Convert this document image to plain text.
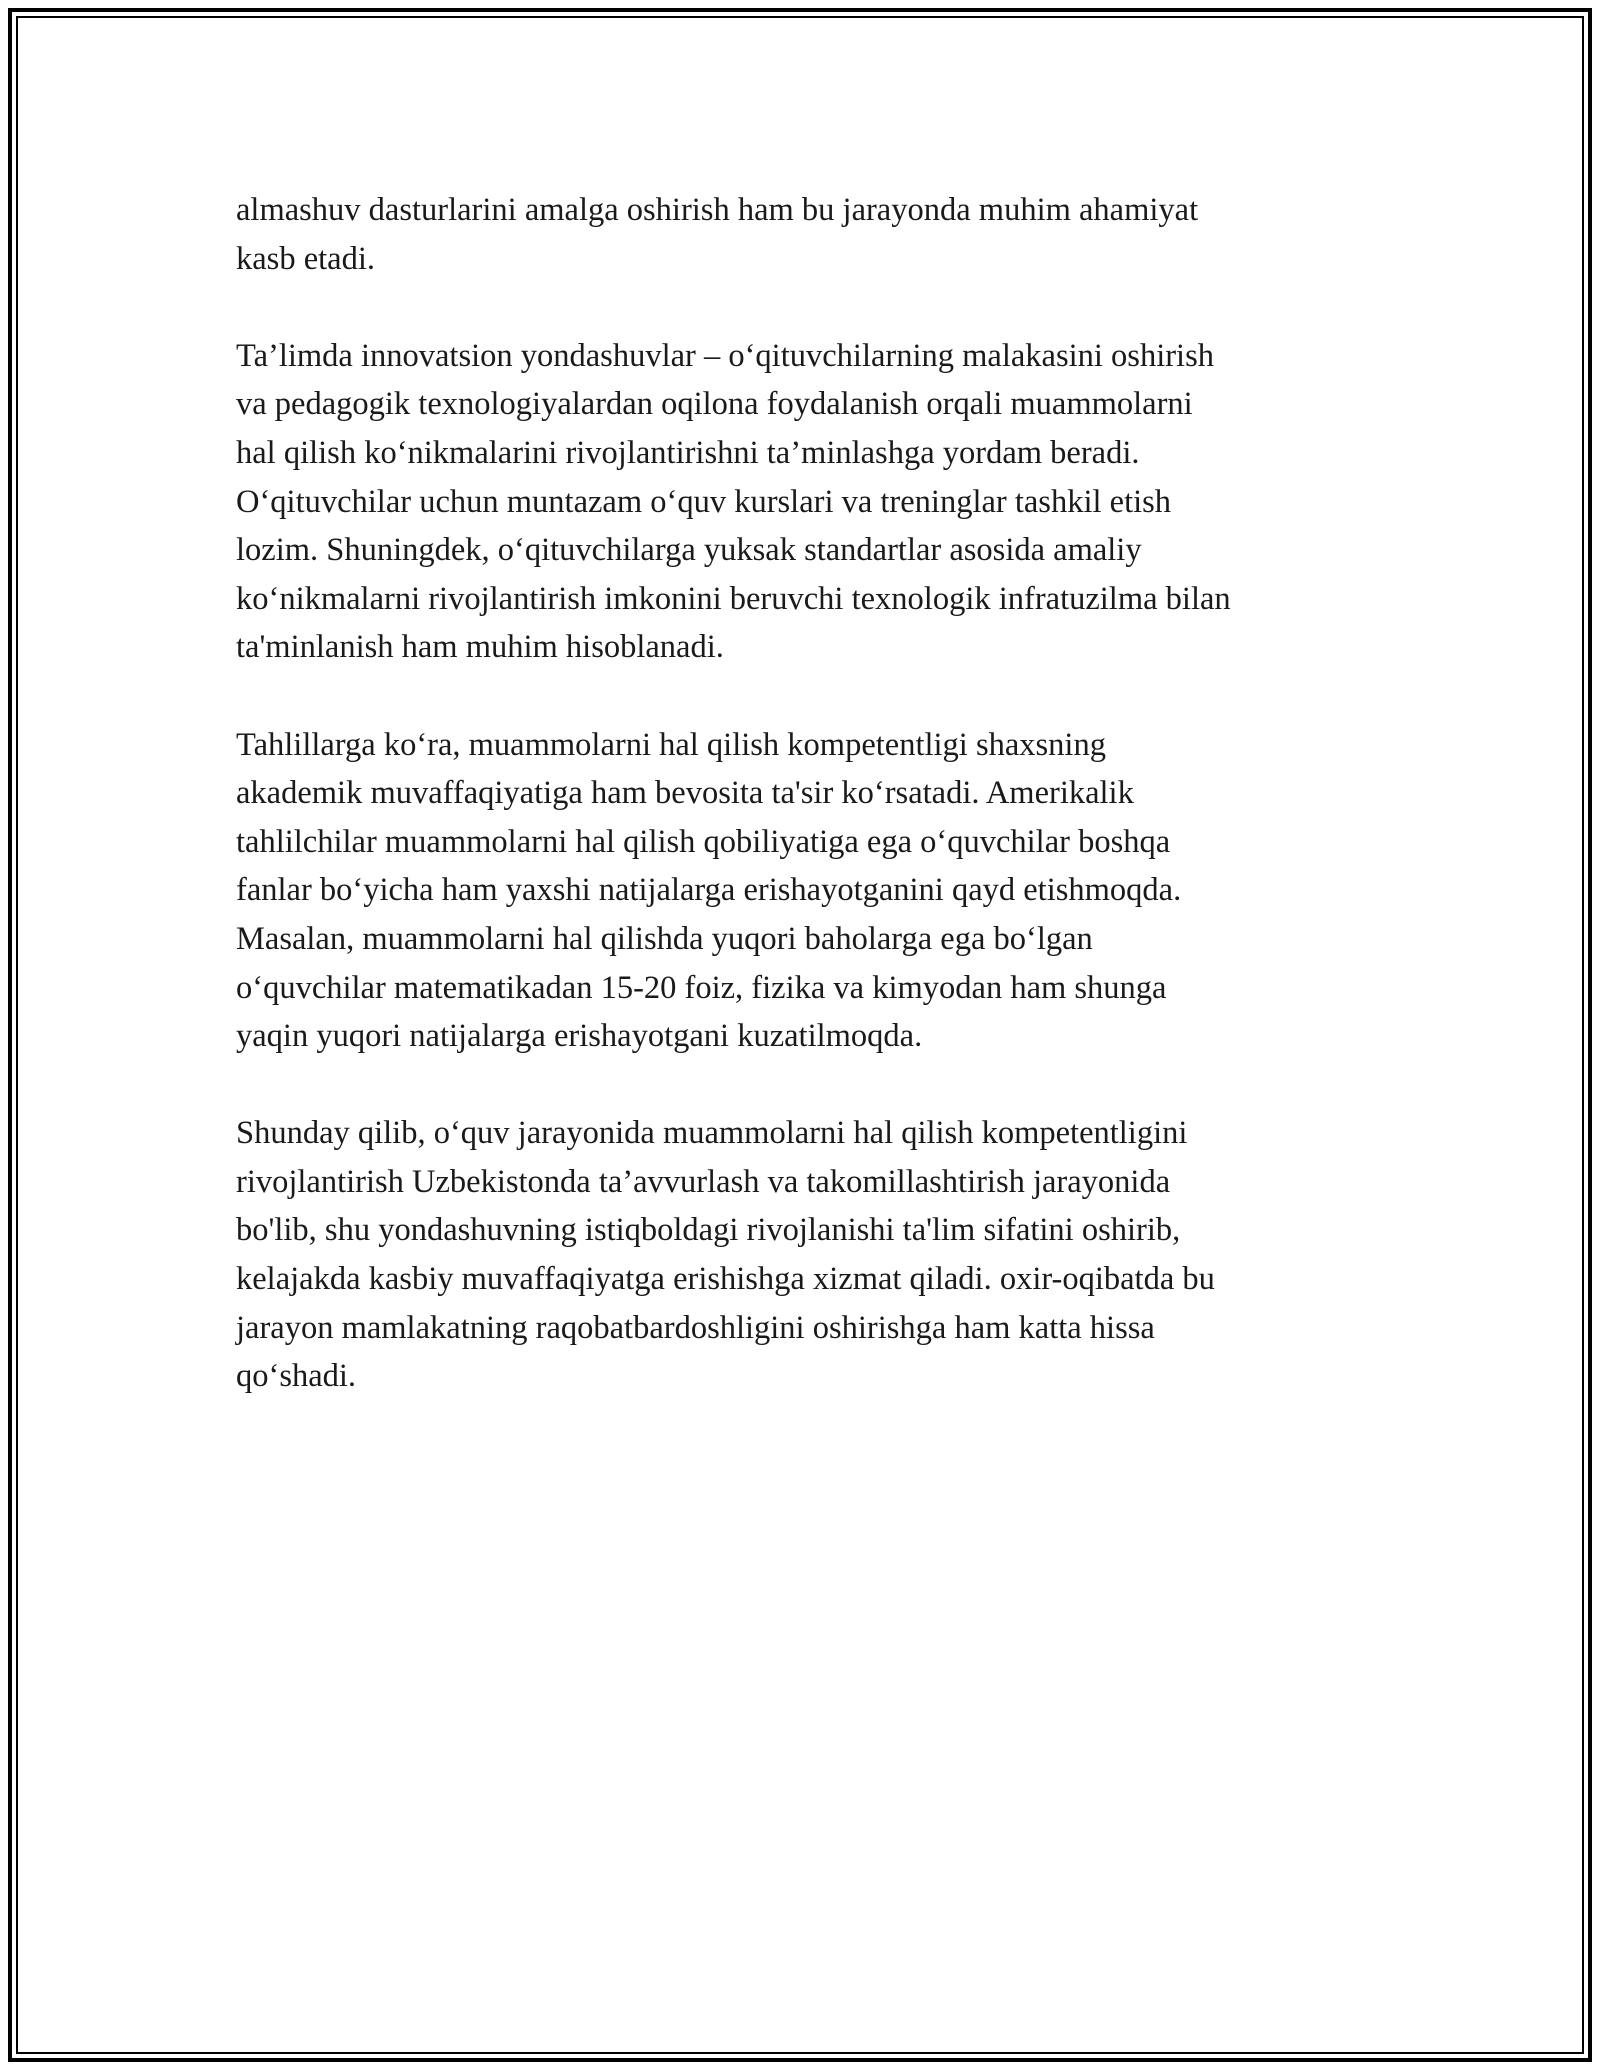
almashuv dasturlarini amalga oshirish ham bu jarayonda muhim ahamiyat
kasb etadi.
Ta’limda innovatsion yondashuvlar – o‘qituvchilarning malakasini oshirish
va pedagogik texnologiyalardan oqilona foydalanish orqali muammolarni
hal qilish ko‘nikmalarini rivojlantirishni ta’minlashga yordam beradi.
O‘qituvchilar uchun muntazam o‘quv kurslari va treninglar tashkil etish
lozim. Shuningdek, o‘qituvchilarga yuksak standartlar asosida amaliy
ko‘nikmalarni rivojlantirish imkonini beruvchi texnologik infratuzilma bilan
ta'minlanish ham muhim hisoblanadi.
Tahlillarga ko‘ra, muammolarni hal qilish kompetentligi shaxsning
akademik muvaffaqiyatiga ham bevosita ta'sir ko‘rsatadi. Amerikalik
tahlilchilar muammolarni hal qilish qobiliyatiga ega o‘quvchilar boshqa
fanlar bo‘yicha ham yaxshi natijalarga erishayotganini qayd etishmoqda.
Masalan, muammolarni hal qilishda yuqori baholarga ega bo‘lgan
o‘quvchilar matematikadan 15-20 foiz, fizika va kimyodan ham shunga
yaqin yuqori natijalarga erishayotgani kuzatilmoqda.
Shunday qilib, o‘quv jarayonida muammolarni hal qilish kompetentligini
rivojlantirish Uzbekistonda ta’avvurlash va takomillashtirish jarayonida
bo'lib, shu yondashuvning istiqboldagi rivojlanishi ta'lim sifatini oshirib,
kelajakda kasbiy muvaffaqiyatga erishishga xizmat qiladi. oxir-oqibatda bu
jarayon mamlakatning raqobatbardoshligini oshirishga ham katta hissa
qo‘shadi.
